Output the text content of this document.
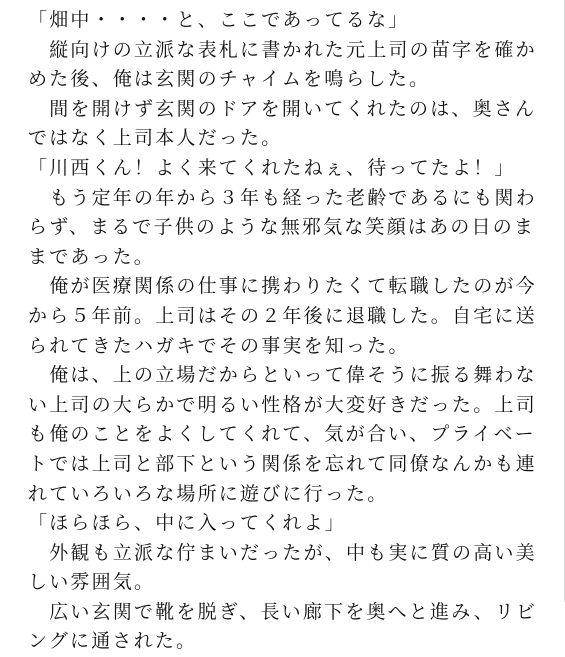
「畑中・・・・と、ここであってるな」
　縦向けの立派な表札に書かれた元上司の苗字を確か
めた後、俺は玄関のチャイムを鳴らした。
　間を開けず玄関のドアを開いてくれたのは、奥さん
ではなく上司本人だった。
「川西くん！よく来てくれたねぇ、待ってたよ！」
　もう定年の年から３年も経った老齢であるにも関わ
らず、まるで子供のような無邪気な笑顔はあの日のま
まであった。
　俺が医療関係の仕事に携わりたくて転職したのが今
から５年前。上司はその２年後に退職した。自宅に送
られてきたハガキでその事実を知った。
　俺は、上の立場だからといって偉そうに振る舞わな
い上司の大らかで明るい性格が大変好きだった。上司
も俺のことをよくしてくれて、気が合い、プライベー
トでは上司と部下という関係を忘れて同僚なんかも連
れていろいろな場所に遊びに行った。
「ほらほら、中に入ってくれよ」
　外観も立派な佇まいだったが、中も実に質の高い美
しい雰囲気。
　広い玄関で靴を脱ぎ、長い廊下を奥へと進み、リビ
ングに通された。
